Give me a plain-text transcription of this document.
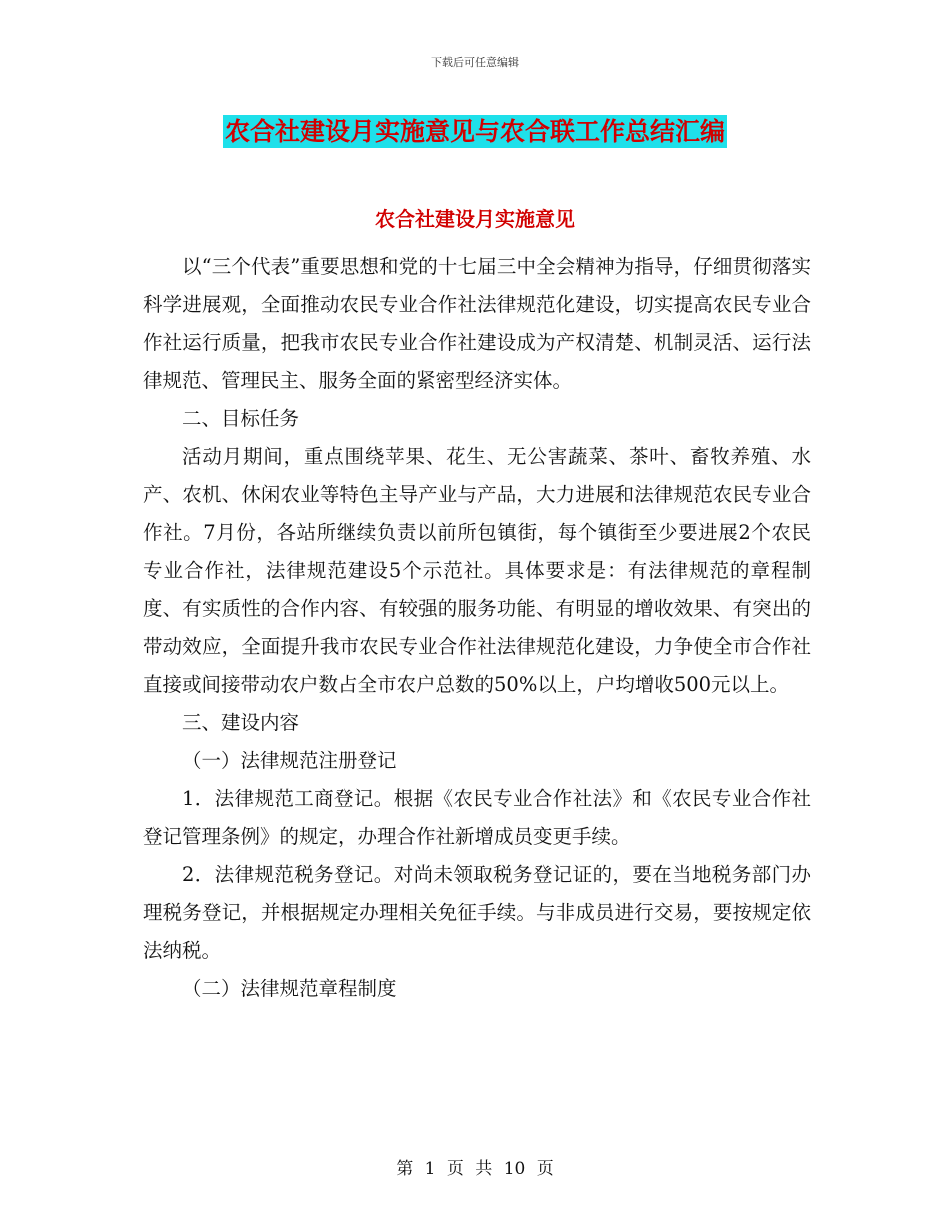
下载后可任意编辑
农合社建设月实施意见与农合联工作总结汇编
农合社建设月实施意见

以“三个代表”重要思想和党的十七届三中全会精神为指导，仔细贯彻落实科学进展观，全面推动农民专业合作社法律规范化建设，切实提高农民专业合作社运行质量，把我市农民专业合作社建设成为产权清楚、机制灵活、运行法律规范、管理民主、服务全面的紧密型经济实体。

二、目标任务

活动月期间，重点围绕苹果、花生、无公害蔬菜、茶叶、畜牧养殖、水产、农机、休闲农业等特色主导产业与产品，大力进展和法律规范农民专业合作社。7月份，各站所继续负责以前所包镇街，每个镇街至少要进展2个农民专业合作社，法律规范建设5个示范社。具体要求是：有法律规范的章程制度、有实质性的合作内容、有较强的服务功能、有明显的增收效果、有突出的带动效应，全面提升我市农民专业合作社法律规范化建设，力争使全市合作社直接或间接带动农户数占全市农户总数的50%以上，户均增收500元以上。

三、建设内容

（一）法律规范注册登记

1．法律规范工商登记。根据《农民专业合作社法》和《农民专业合作社登记管理条例》的规定，办理合作社新增成员变更手续。

2．法律规范税务登记。对尚未领取税务登记证的，要在当地税务部门办理税务登记，并根据规定办理相关免征手续。与非成员进行交易，要按规定依法纳税。

（二）法律规范章程制度

第 1 页 共 10 页
